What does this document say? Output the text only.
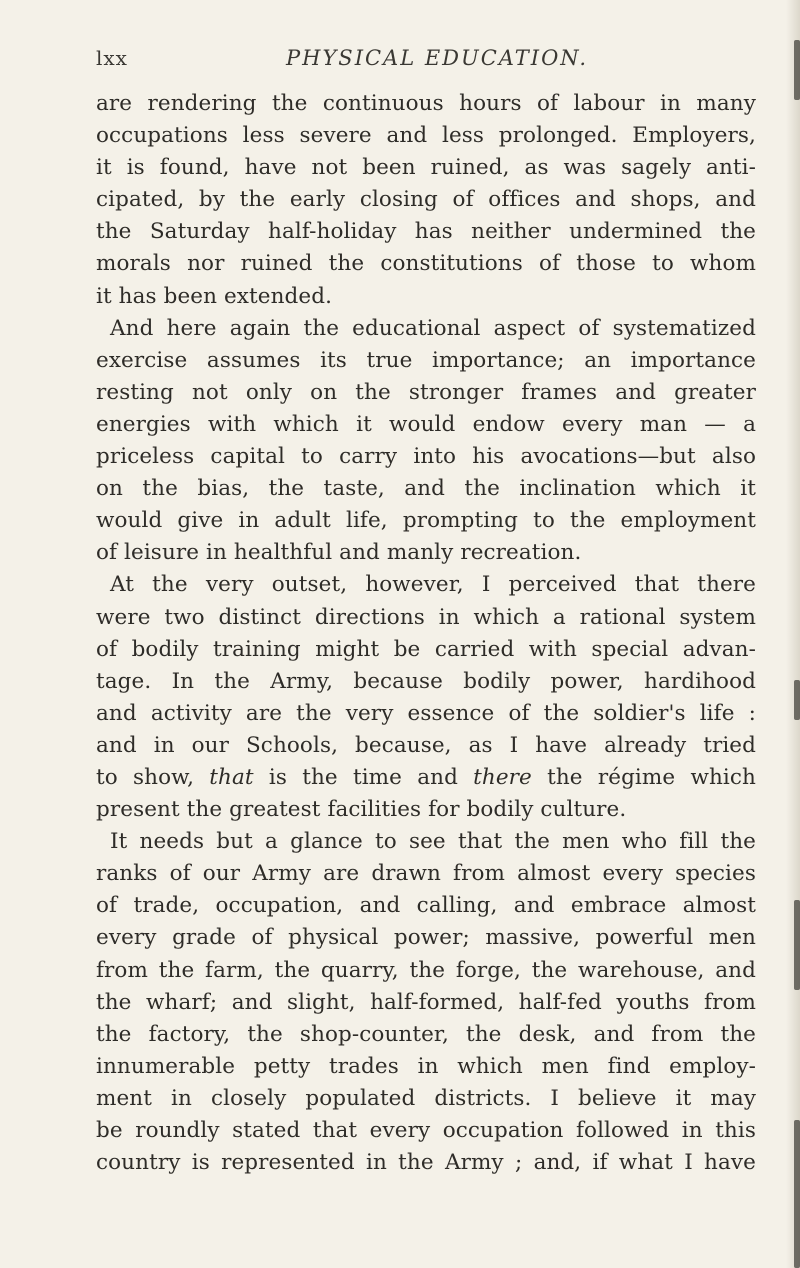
lxx	PHYSICAL EDUCATION.
are rendering the continuous hours of labour in many
occupations less severe and less prolonged. Employers,
it is found, have not been ruined, as was sagely anti-
cipated, by the early closing of offices and shops, and
the Saturday half-holiday has neither undermined the
morals nor ruined the constitutions of those to whom
it has been extended.
And here again the educational aspect of systematized
exercise assumes its true importance; an importance
resting not only on the stronger frames and greater
energies with which it would endow every man — a
priceless capital to carry into his avocations—but also
on the bias, the taste, and the inclination which it
would give in adult life, prompting to the employment
of leisure in healthful and manly recreation.
At the very outset, however, I perceived that there
were two distinct directions in which a rational system
of bodily training might be carried with special advan-
tage. In the Army, because bodily power, hardihood
and activity are the very essence of the soldier's life :
and in our Schools, because, as I have already tried
to show, that is the time and there the régime which
present the greatest facilities for bodily culture.
It needs but a glance to see that the men who fill the
ranks of our Army are drawn from almost every species
of trade, occupation, and calling, and embrace almost
every grade of physical power; massive, powerful men
from the farm, the quarry, the forge, the warehouse, and
the wharf; and slight, half-formed, half-fed youths from
the factory, the shop-counter, the desk, and from the
innumerable petty trades in which men find employ-
ment in closely populated districts. I believe it may
be roundly stated that every occupation followed in this
country is represented in the Army ; and, if what I have
